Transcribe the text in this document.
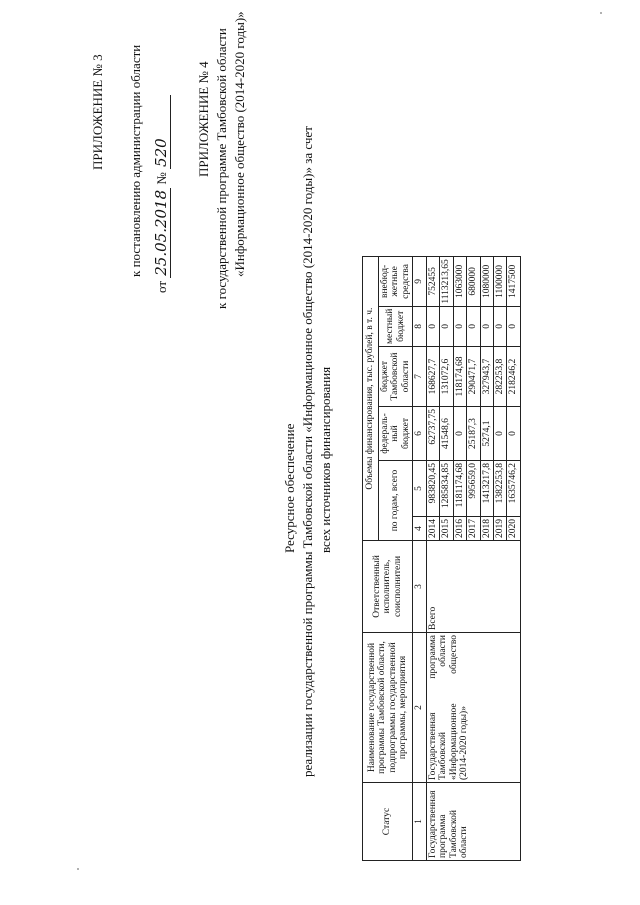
ПРИЛОЖЕНИЕ № 3 к постановлению администрации области
от 25.05.2018 № 520 ПРИЛОЖЕНИЕ № 4 к государственной программе Тамбовской области «Информационное общество (2014-2020 годы)»
Ресурсное обеспечение реализации государственной программы Тамбовской области «Информационное общество (2014-2020 годы)» за счет всех источников финансирования
Статус	Наименование государственной программы Тамбовской области, подпрограммы государственной программы, мероприятия	Ответственный исполнитель, соисполнители	Объемы финансирования, тыс. рублей, в т. ч.					
			по годам, всего		федераль-ный бюджет	бюджет Тамбовской области	местный бюджет	внебюд-жетные средства
1	2	3	4	5	6	7	8	9

Государственная программа Тамбовской области	Государственная программа Тамбовской области «Информационное общество (2014-2020 годы)»	Всего	2014	983820,45	62737,75	168627,7	0	752455
			2015	1285834,85	41548,6	131072,6	0	1113213,65
			2016	1181174,68	0	118174,68	0	1063000
			2017	995659,0	25187,3	290471,7	0	680000
			2018	1413217,8	5274,1	327943,7	0	1080000
			2019	1382253,8	0	282253,8	0	1100000
			2020	1635746,2	0	218246,2	0	1417500
